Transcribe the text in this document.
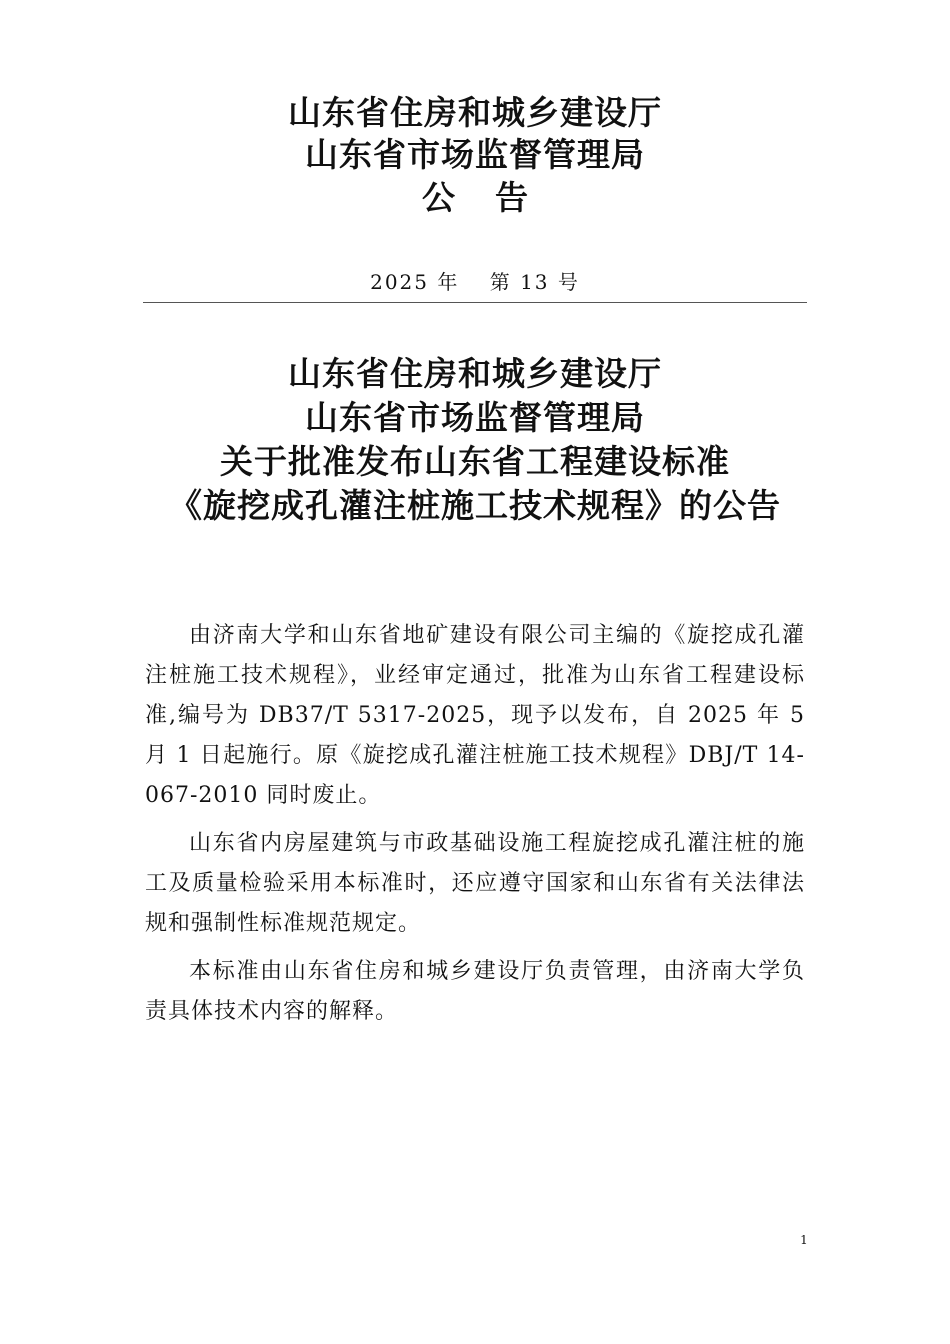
山东省住房和城乡建设厅
山东省市场监督管理局
公告
2025 年　 第 13 号
山东省住房和城乡建设厅
山东省市场监督管理局
关于批准发布山东省工程建设标准
《旋挖成孔灌注桩施工技术规程》的公告

由济南大学和山东省地矿建设有限公司主编的《旋挖成孔灌注桩施工技术规程》，业经审定通过，批准为山东省工程建设标准,编号为 DB37/T 5317-2025，现予以发布，自 2025 年 5 月 1 日起施行。原《旋挖成孔灌注桩施工技术规程》DBJ/T 14-067-2010 同时废止。

山东省内房屋建筑与市政基础设施工程旋挖成孔灌注桩的施工及质量检验采用本标准时，还应遵守国家和山东省有关法律法规和强制性标准规范规定。

本标准由山东省住房和城乡建设厅负责管理，由济南大学负责具体技术内容的解释。

1
